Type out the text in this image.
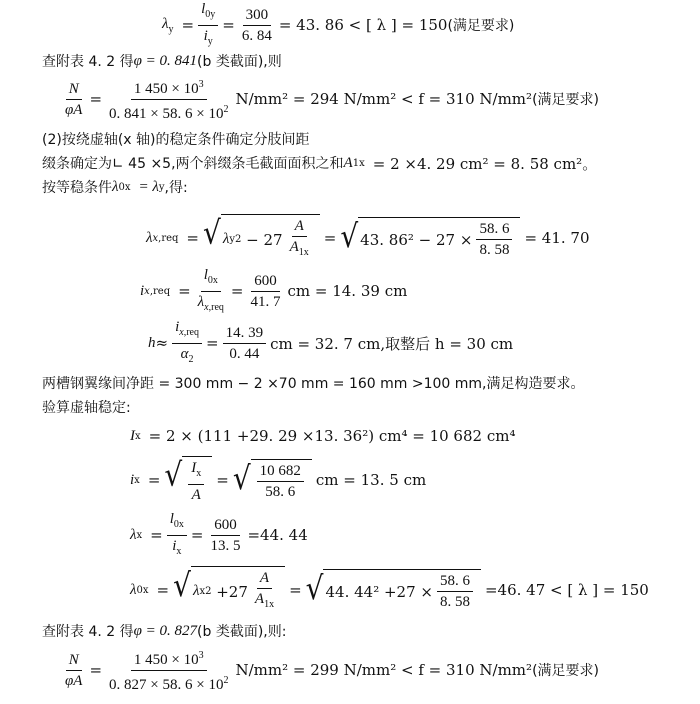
$\lambda_y = \frac{l_{0y}}{i_y} = \frac{300}{6. 84} = 43$. 86 < [ λ ] = 150 (满足要求)
查附表 4. 2 得 φ = 0. 841 (b 类截面),则
$\frac{N}{\varphi A} = \frac{1 450 \times 10^3}{0. 841 \times 58. 6 \times 10^2} N/mm^2 = 294$ N/mm² < f = 310 N/mm² (满足要求)
(2)按绕虚轴(x 轴)的稳定条件确定分肢间距
缀条确定为∟ 45 ×5,两个斜缀条毛截面面积之和 A 1x = 2 ×4. 29 cm² = 8. 58 cm²。
按等稳条件 λ 0x = λ y ,得:
λ x,req = √ λ y $2 - 27 \frac{A}{A_{1x}}$ = √ 43. $86^2 - 27 \times \frac{58. 6}{8. 58} = 41$. 70
i $x,req = \frac{l_{0x}}{\lambda_{x,req}} = \frac{600}{41. 7}$ cm = 14. 39 cm
$h \approx \frac{i_{x,req}}{\alpha_2} = \frac{14. 39}{0. 44}$ cm = 32. 7 cm,取整后 h = 30 cm
两槽钢翼缘间净距 = 300 mm − 2 ×70 mm = 160 mm >100 mm,满足构造要求。
验算虚轴稳定:
I x = 2 × (111 +29. 29 ×13. 36²) cm⁴ = 10 682 cm⁴
i x = √ $\frac{I_x}{A}$ = √ $\frac{10 682}{58. 6}$ cm = 13. 5 cm
λ $x = \frac{l_{0x}}{i_x} = \frac{600}{13. 5} =44$. 44
λ 0x = √ λ x $2 +27 \frac{A}{A_{1x}}$ = √ 44. $44^2 +27 \times \frac{58. 6}{8. 58} =46$. 47 < [ λ ] = 150
查附表 4. 2 得 φ = 0. 827 (b 类截面),则:
$\frac{N}{\varphi A} = \frac{1 450 \times 10^3}{0. 827 \times 58. 6 \times 10^2} N/mm^2 = 299$ N/mm² < f = 310 N/mm² (满足要求)
